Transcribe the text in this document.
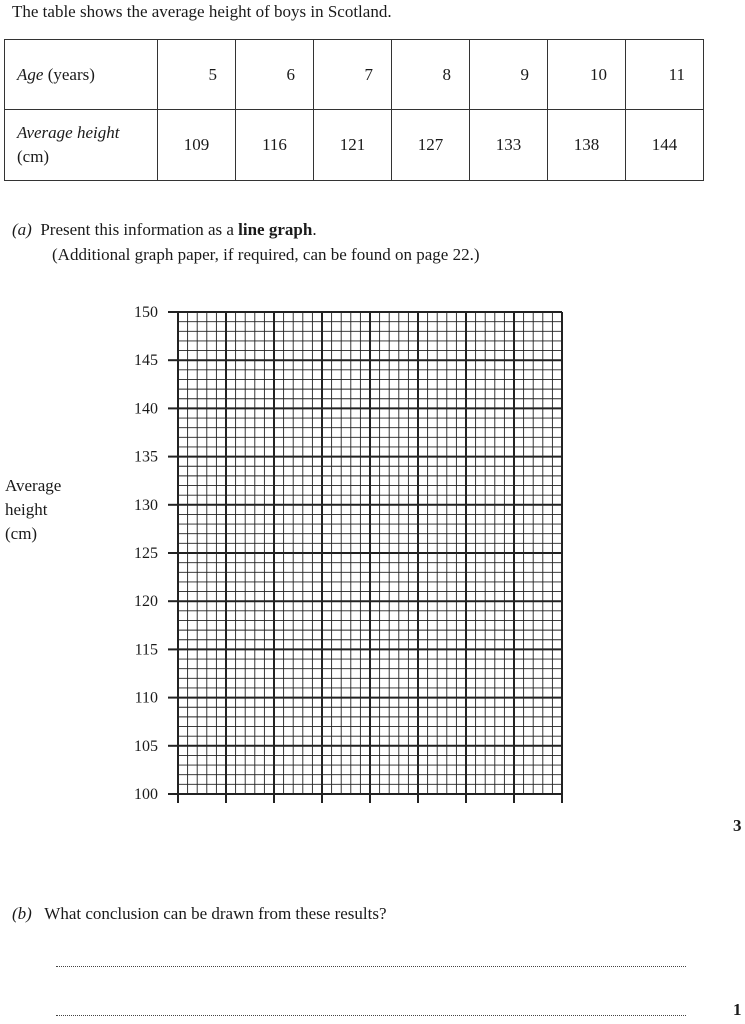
The table shows the average height of boys in Scotland.
Age (years)	5	6	7	8	9	10	11
Average height
(cm)	109	116	121	127	133	138	144
(a) Present this information as a line graph.
(Additional graph paper, if required, can be found on page 22.)
Average
height
(cm)
100
105
110
115
120
125
130
135
140
145
150
3
(b) What conclusion can be drawn from these results?
1
